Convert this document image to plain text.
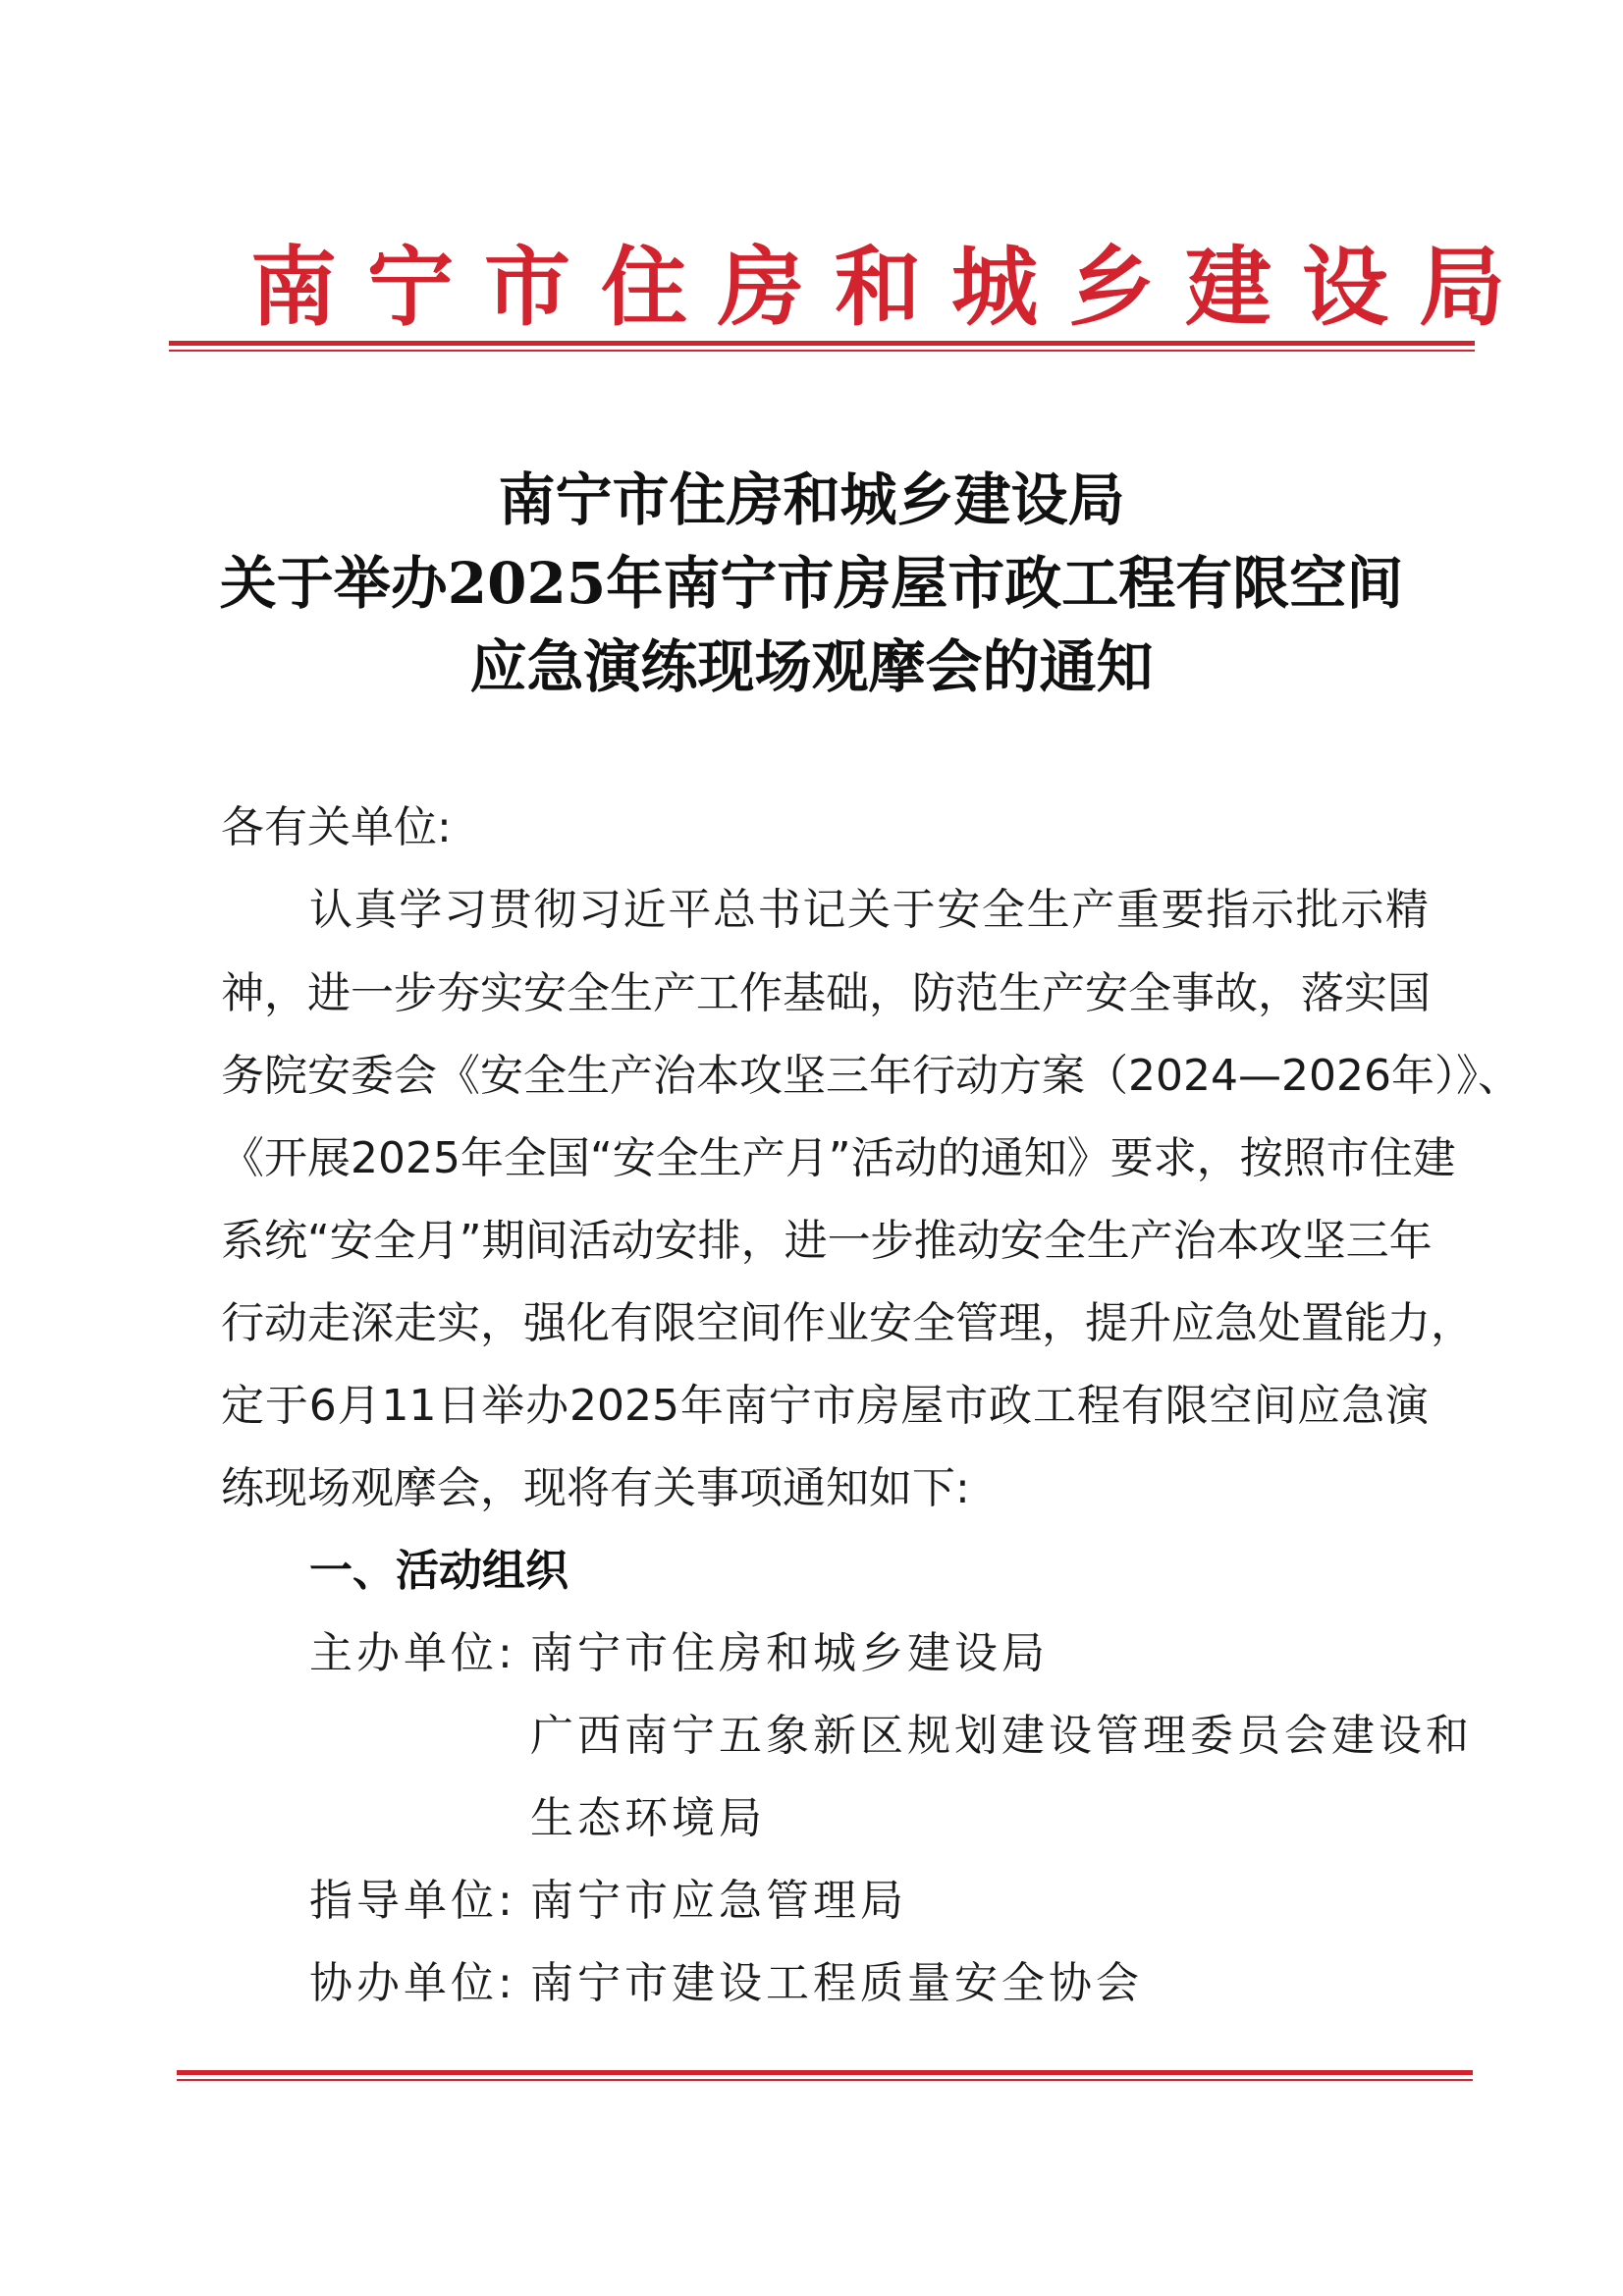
南宁市住房和城乡建设局
南宁市住房和城乡建设局
关于举办2025年南宁市房屋市政工程有限空间
应急演练现场观摩会的通知
各有关单位:
认真学习贯彻习近平总书记关于安全生产重要指示批示精
神，进一步夯实安全生产工作基础，防范生产安全事故，落实国
务院安委会《安全生产治本攻坚三年行动方案（2024—2026年）》、
《开展2025年全国“安全生产月”活动的通知》要求，按照市住建
系统“安全月”期间活动安排，进一步推动安全生产治本攻坚三年
行动走深走实，强化有限空间作业安全管理，提升应急处置能力，
定于6月11日举办2025年南宁市房屋市政工程有限空间应急演
练现场观摩会，现将有关事项通知如下:
一、活动组织
主办单位: 南宁市住房和城乡建设局
广西南宁五象新区规划建设管理委员会建设和
生态环境局
指导单位: 南宁市应急管理局
协办单位: 南宁市建设工程质量安全协会
